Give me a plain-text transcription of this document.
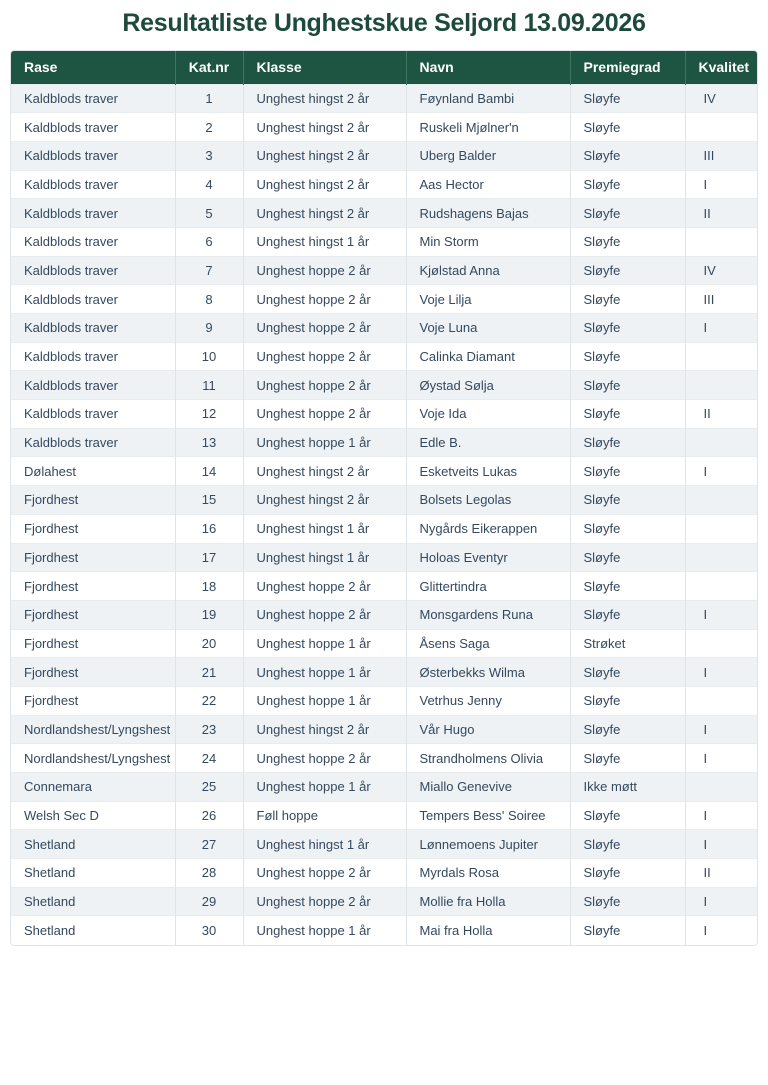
Resultatliste Unghestskue Seljord 13.09.2026
Rase	Kat.nr	Klasse	Navn	Premiegrad	Kvalitet
Kaldblods traver	1	Unghest hingst 2 år	Føynland Bambi	Sløyfe	IV
Kaldblods traver	2	Unghest hingst 2 år	Ruskeli Mjølner'n	Sløyfe	
Kaldblods traver	3	Unghest hingst 2 år	Uberg Balder	Sløyfe	III
Kaldblods traver	4	Unghest hingst 2 år	Aas Hector	Sløyfe	I
Kaldblods traver	5	Unghest hingst 2 år	Rudshagens Bajas	Sløyfe	II
Kaldblods traver	6	Unghest hingst 1 år	Min Storm	Sløyfe	
Kaldblods traver	7	Unghest hoppe 2 år	Kjølstad Anna	Sløyfe	IV
Kaldblods traver	8	Unghest hoppe 2 år	Voje Lilja	Sløyfe	III
Kaldblods traver	9	Unghest hoppe 2 år	Voje Luna	Sløyfe	I
Kaldblods traver	10	Unghest hoppe 2 år	Calinka Diamant	Sløyfe	
Kaldblods traver	11	Unghest hoppe 2 år	Øystad Sølja	Sløyfe	
Kaldblods traver	12	Unghest hoppe 2 år	Voje Ida	Sløyfe	II
Kaldblods traver	13	Unghest hoppe 1 år	Edle B.	Sløyfe	
Dølahest	14	Unghest hingst 2 år	Esketveits Lukas	Sløyfe	I
Fjordhest	15	Unghest hingst 2 år	Bolsets Legolas	Sløyfe	
Fjordhest	16	Unghest hingst 1 år	Nygårds Eikerappen	Sløyfe	
Fjordhest	17	Unghest hingst 1 år	Holoas Eventyr	Sløyfe	
Fjordhest	18	Unghest hoppe 2 år	Glittertindra	Sløyfe	
Fjordhest	19	Unghest hoppe 2 år	Monsgardens Runa	Sløyfe	I
Fjordhest	20	Unghest hoppe 1 år	Åsens Saga	Strøket	
Fjordhest	21	Unghest hoppe 1 år	Østerbekks Wilma	Sløyfe	I
Fjordhest	22	Unghest hoppe 1 år	Vetrhus Jenny	Sløyfe	
Nordlandshest/Lyngshest	23	Unghest hingst 2 år	Vår Hugo	Sløyfe	I
Nordlandshest/Lyngshest	24	Unghest hoppe 2 år	Strandholmens Olivia	Sløyfe	I
Connemara	25	Unghest hoppe 1 år	Miallo Genevive	Ikke møtt	
Welsh Sec D	26	Føll hoppe	Tempers Bess' Soiree	Sløyfe	I
Shetland	27	Unghest hingst 1 år	Lønnemoens Jupiter	Sløyfe	I
Shetland	28	Unghest hoppe 2 år	Myrdals Rosa	Sløyfe	II
Shetland	29	Unghest hoppe 2 år	Mollie fra Holla	Sløyfe	I
Shetland	30	Unghest hoppe 1 år	Mai fra Holla	Sløyfe	I
